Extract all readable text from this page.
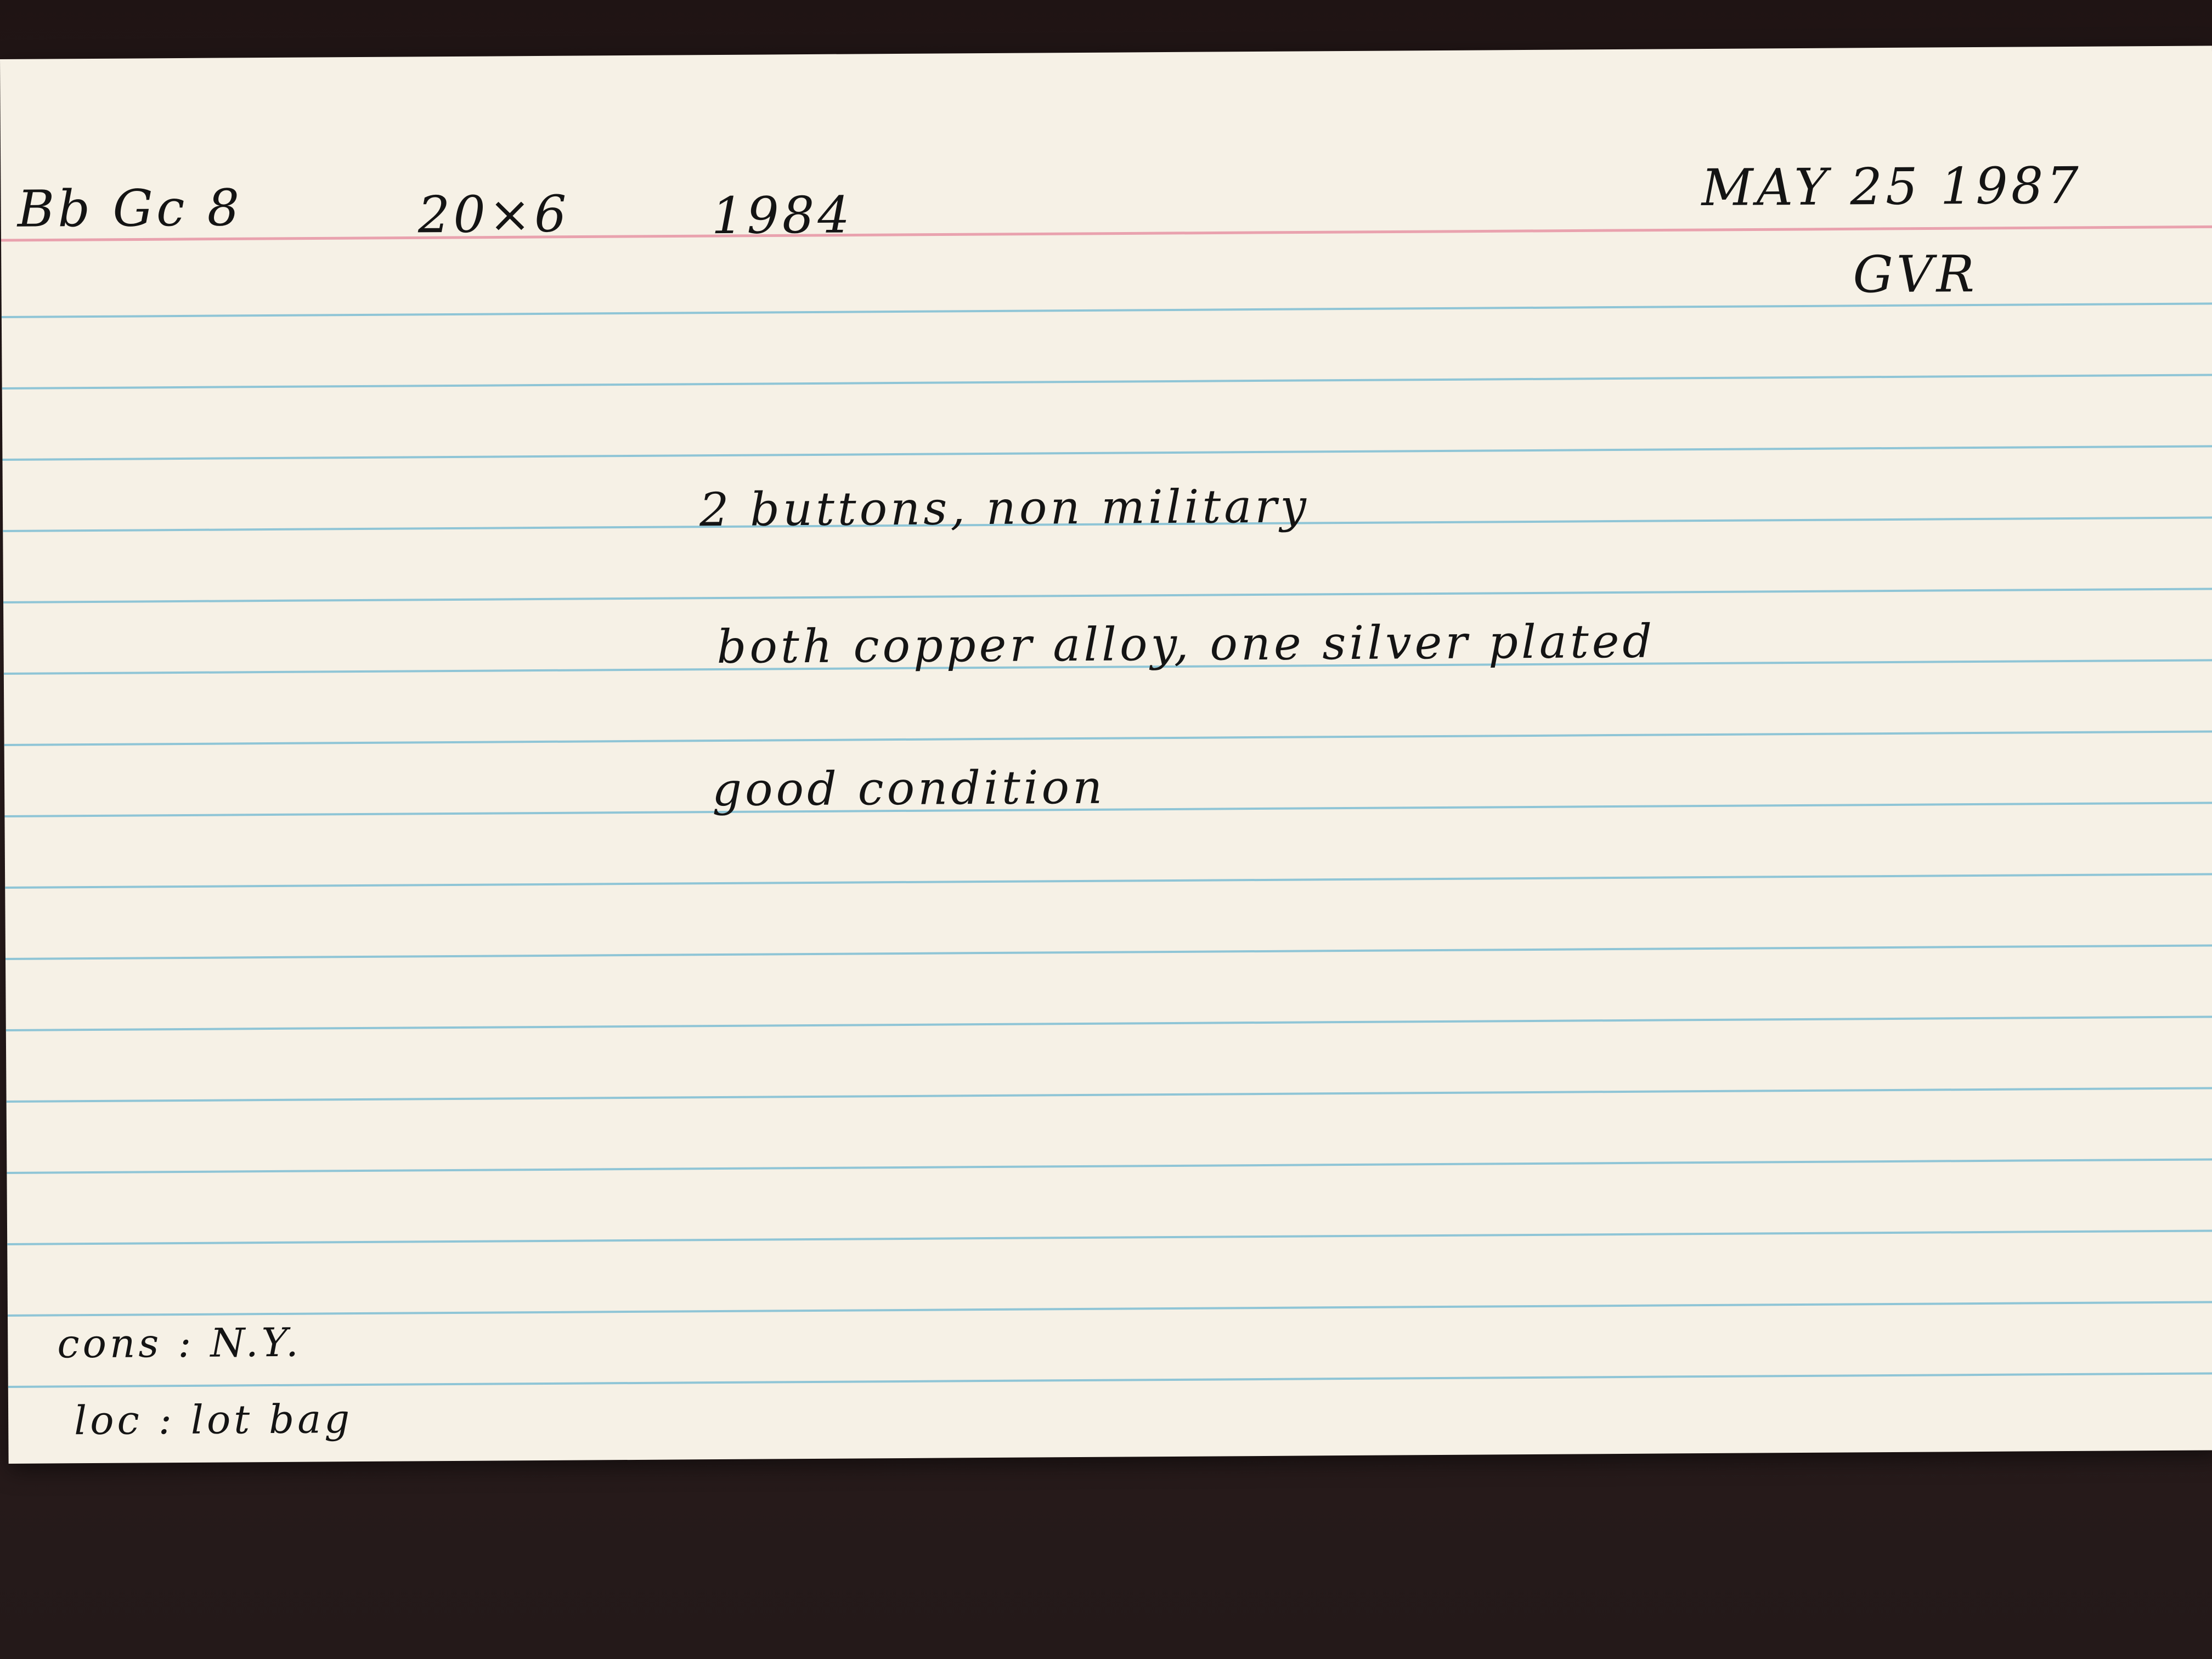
Bb Gc 8	20×6	1984	MAY 25 1987
GVR
2 buttons, non military
both copper alloy, one silver plated
good condition
cons : N.Y.
loc : lot bag
